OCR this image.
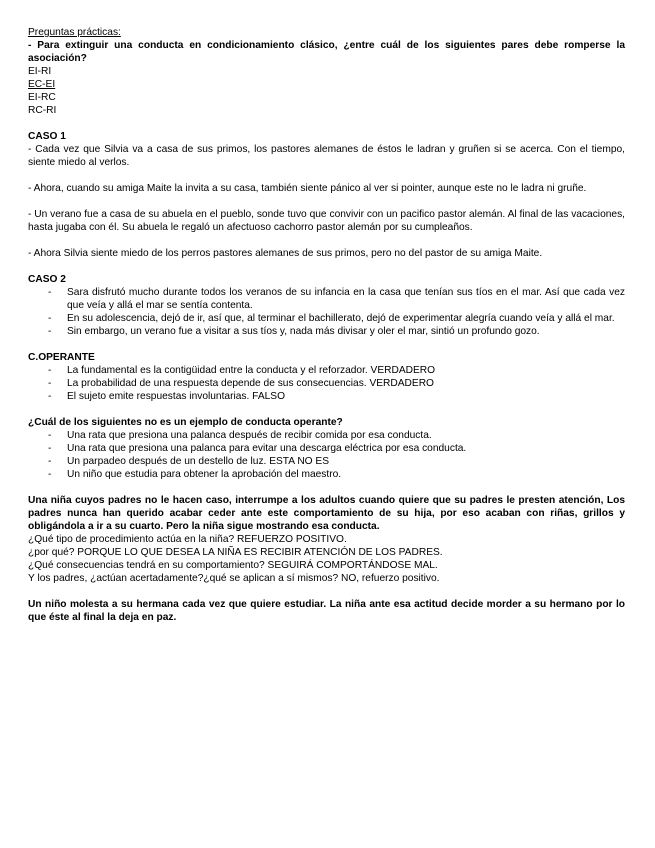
Preguntas prácticas:

- Para extinguir una conducta en condicionamiento clásico, ¿entre cuál de los siguientes pares debe romperse la asociación?

EI-RI

EC-EI

EI-RC

RC-RI

CASO 1

- Cada vez que Silvia va a casa de sus primos, los pastores alemanes de éstos le ladran y gruñen si se acerca. Con el tiempo, siente miedo al verlos.

- Ahora, cuando su amiga Maite la invita a su casa, también siente pánico al ver si pointer, aunque este no le ladra ni gruñe.

- Un verano fue a casa de su abuela en el pueblo, sonde tuvo que convivir con un pacifico pastor alemán. Al final de las vacaciones, hasta jugaba con él. Su abuela le regaló un afectuoso cachorro pastor alemán por su cumpleaños.

- Ahora Silvia siente miedo de los perros pastores alemanes de sus primos, pero no del pastor de su amiga Maite.

CASO 2

- Sara disfrutó mucho durante todos los veranos de su infancia en la casa que tenían sus tíos en el mar. Así que cada vez que veía y allá el mar se sentía contenta.
- En su adolescencia, dejó de ir, así que, al terminar el bachillerato, dejó de experimentar alegría cuando veía y allá el mar.
- Sin embargo, un verano fue a visitar a sus tíos y, nada más divisar y oler el mar, sintió un profundo gozo.

C.OPERANTE

- La fundamental es la contigüidad entre la conducta y el reforzador. VERDADERO
- La probabilidad de una respuesta depende de sus consecuencias. VERDADERO
- El sujeto emite respuestas involuntarias. FALSO

¿Cuál de los siguientes no es un ejemplo de conducta operante?

- Una rata que presiona una palanca después de recibir comida por esa conducta.
- Una rata que presiona una palanca para evitar una descarga eléctrica por esa conducta.
- Un parpadeo después de un destello de luz. ESTA NO ES
- Un niño que estudia para obtener la aprobación del maestro.

Una niña cuyos padres no le hacen caso, interrumpe a los adultos cuando quiere que su padres le presten atención, Los padres nunca han querido acabar ceder ante este comportamiento de su hija, por eso acaban con riñas, grillos y obligándola a ir a su cuarto. Pero la niña sigue mostrando esa conducta.

¿Qué tipo de procedimiento actúa en la niña? REFUERZO POSITIVO.

¿por qué? PORQUE LO QUE DESEA LA NIÑA ES RECIBIR ATENCIÓN DE LOS PADRES.

¿Qué consecuencias tendrá en su comportamiento? SEGUIRÁ COMPORTÁNDOSE MAL.

Y los padres, ¿actúan acertadamente?¿qué se aplican a sí mismos? NO, refuerzo positivo.

Un niño molesta a su hermana cada vez que quiere estudiar. La niña ante esa actitud decide morder a su hermano por lo que éste al final la deja en paz.
